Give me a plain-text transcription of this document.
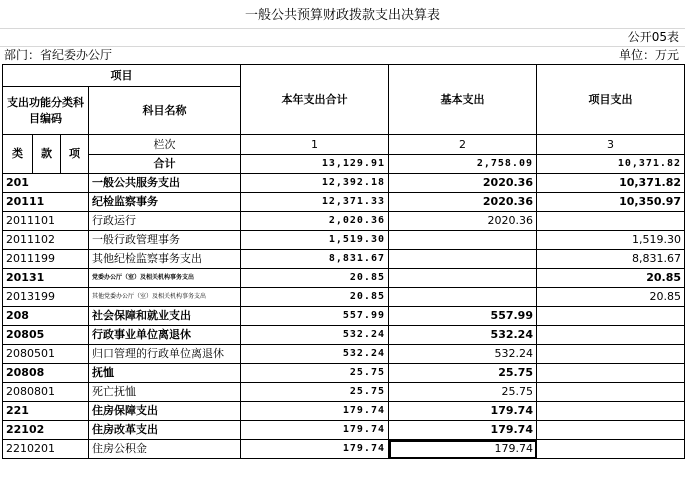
一般公共预算财政拨款支出决算表
公开05表
部门：省纪委办公厅	单位：万元
项目				本年支出合计	基本支出	项目支出
支出功能分类科目编码			科目名称			

类	款	项	栏次	1	2	3
			合计	13,129.91	2,758.09	10,371.82
201			一般公共服务支出	12,392.18	2020.36	10,371.82
20111			纪检监察事务	12,371.33	2020.36	10,350.97
2011101			行政运行	2,020.36	2020.36	
2011102			一般行政管理事务	1,519.30		1,519.30
2011199			其他纪检监察事务支出	8,831.67		8,831.67
20131			党委办公厅（室）及相关机构事务支出	20.85		20.85
2013199			其他党委办公厅（室）及相关机构事务支出	20.85		20.85
208			社会保障和就业支出	557.99	557.99	
20805			行政事业单位离退休	532.24	532.24	
2080501			归口管理的行政单位离退休	532.24	532.24	
20808			抚恤	25.75	25.75	
2080801			死亡抚恤	25.75	25.75	
221			住房保障支出	179.74	179.74	
22102			住房改革支出	179.74	179.74	
2210201			住房公积金	179.74	179.74	
